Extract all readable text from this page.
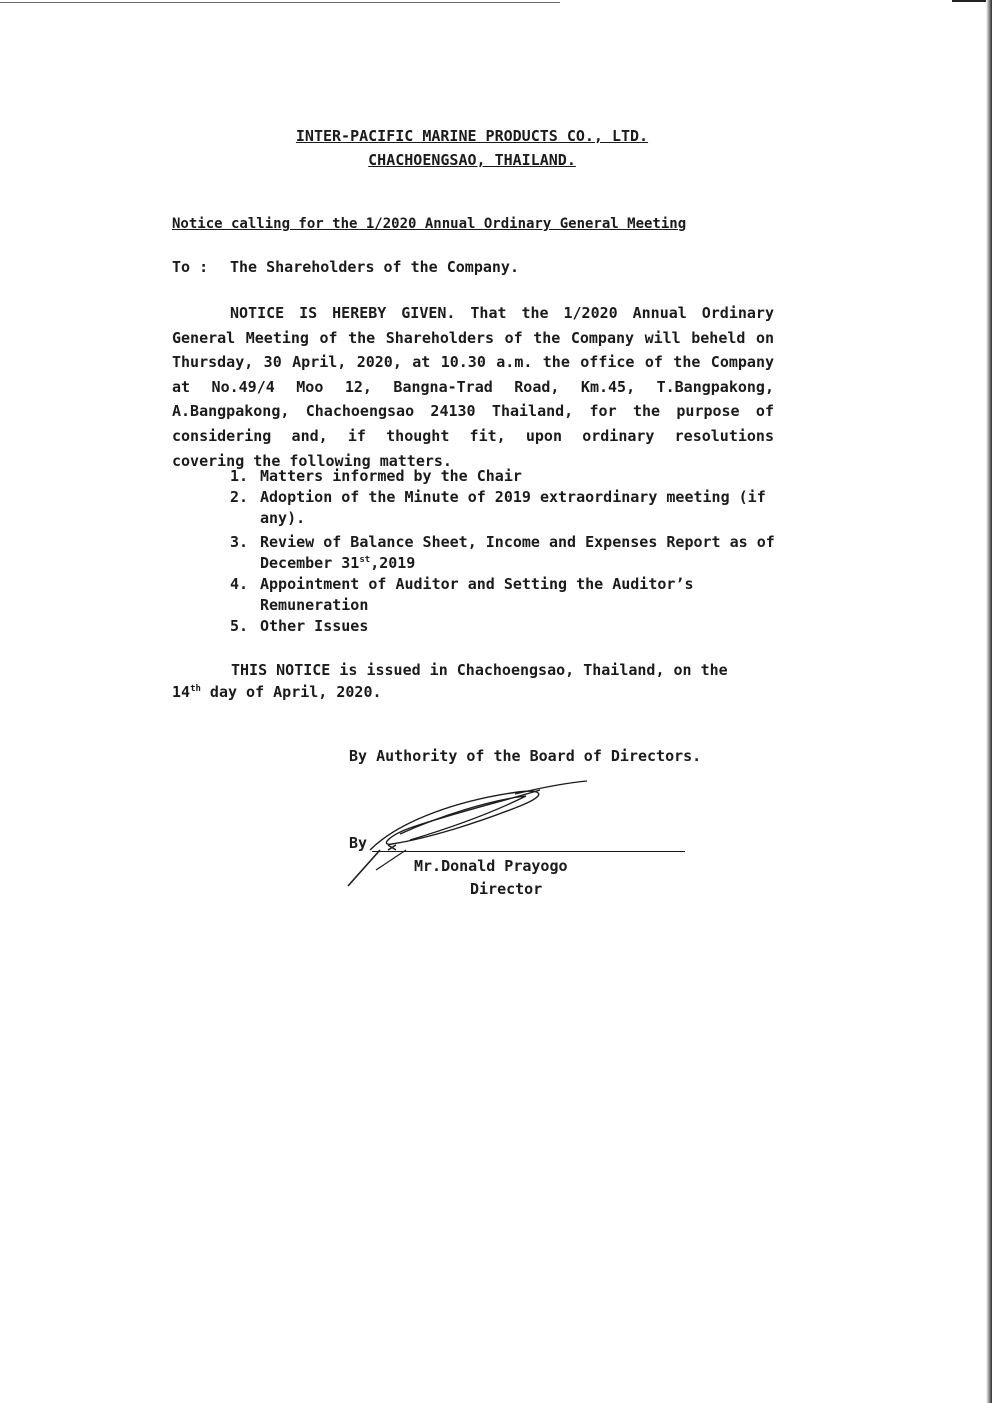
INTER-PACIFIC MARINE PRODUCTS CO., LTD.
CHACHOENGSAO, THAILAND.
Notice calling for the 1/2020 Annual Ordinary General Meeting
To : The Shareholders of the Company.
NOTICE IS HEREBY GIVEN. That the 1/2020 Annual Ordinary General Meeting of the Shareholders of the Company will beheld on Thursday, 30 April, 2020, at 10.30 a.m. the office of the Company at No.49/4 Moo 12, Bangna-Trad Road, Km.45, T.Bangpakong, A.Bangpakong, Chachoengsao 24130 Thailand, for the purpose of considering and, if thought fit, upon ordinary resolutions covering the following matters.
1. Matters informed by the Chair
2. Adoption of the Minute of 2019 extraordinary meeting (if any).
3. Review of Balance Sheet, Income and Expenses Report as of December 31st,2019
4. Appointment of Auditor and Setting the Auditor’s Remuneration
5. Other Issues
THIS NOTICE is issued in Chachoengsao, Thailand, on the 14th day of April, 2020.
By Authority of the Board of Directors.
By
Mr.Donald Prayogo
Director
